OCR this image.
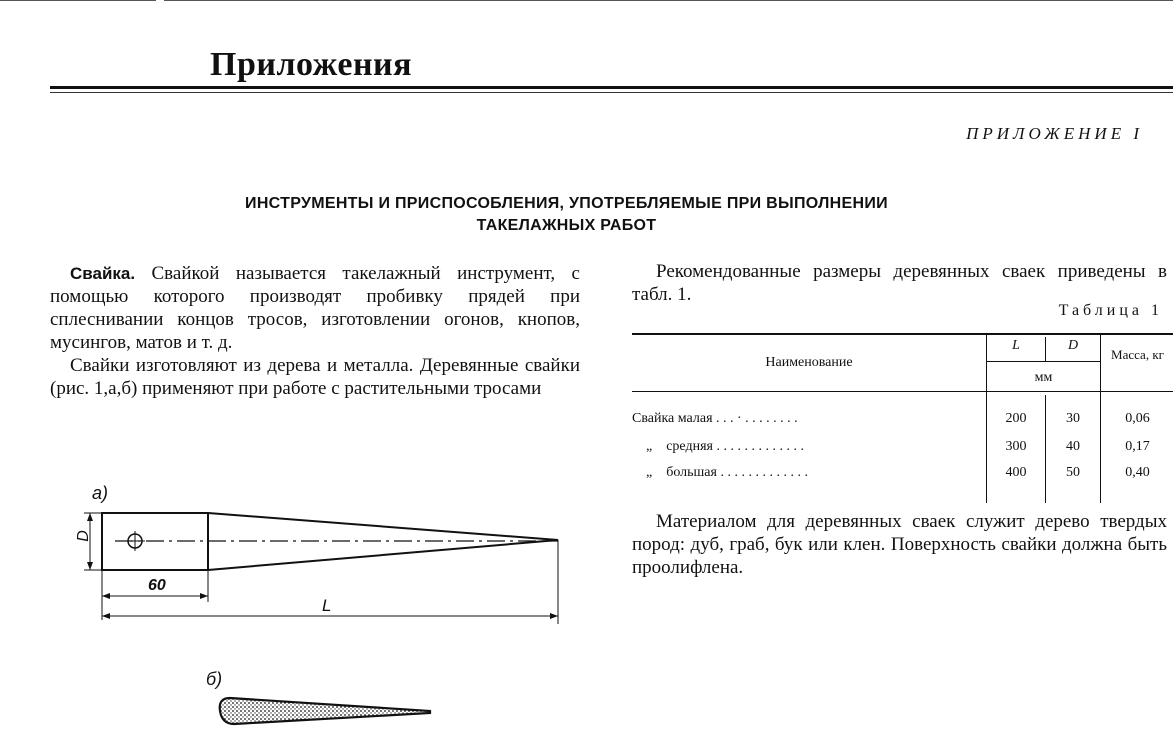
Приложения
ПРИЛОЖЕНИЕ I
ИНСТРУМЕНТЫ И ПРИСПОСОБЛЕНИЯ, УПОТРЕБЛЯЕМЫЕ ПРИ ВЫПОЛНЕНИИ
ТАКЕЛАЖНЫХ РАБОТ

Свайка. Свайкой называется такелажный инструмент, с помощью которого производят пробивку прядей при сплеснивании концов тросов, изготовлении огонов, кнопов, мусингов, матов и т. д.

Свайки изготовляют из дерева и металла. Деревянные свайки (рис. 1,а,б) применяют при работе с растительными тросами

Рекомендованные размеры деревянных сваек приведены в табл. 1.

Таблица 1
Наименование
L	D
мм
Масса, кг
Свайка малая . . . · . . . . . . . .	200	30	0,06
„    средняя . . . . . . . . . . . . .	300	40	0,17
„    большая . . . . . . . . . . . . .	400	50	0,40

Материалом для деревянных сваек служит дерево твердых пород: дуб, граб, бук или клен. Поверхность свайки должна быть проолифлена.

а)
D
60
L
б)
